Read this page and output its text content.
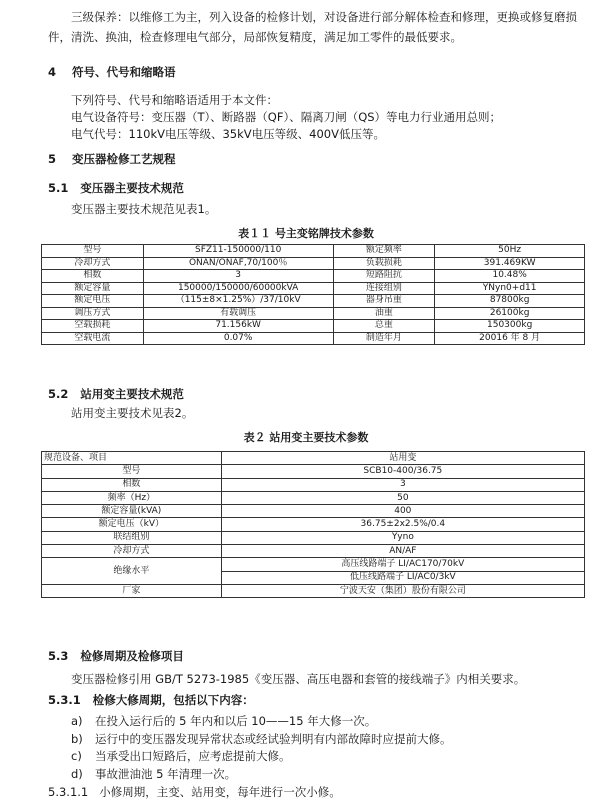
三级保养：以维修工为主，列入设备的检修计划，对设备进行部分解体检查和修理，更换或修复磨损
件，清洗、换油，检查修理电气部分，局部恢复精度，满足加工零件的最低要求。
4 符号、代号和缩略语
下列符号、代号和缩略语适用于本文件：
电气设备符号：变压器（T）、断路器（QF）、隔离刀闸（QS）等电力行业通用总则；
电气代号：110kV电压等级、35kV电压等级、400V低压等。
5 变压器检修工艺规程
5.1 变压器主要技术规范
变压器主要技术规范见表1。
表１１ 号主变铭牌技术参数
型号	SFZ11-150000/110	额定频率	50Hz
冷却方式	ONAN/ONAF,70/100％	负载损耗	391.469KW
相数	3	短路阻抗	10.48%
额定容量	150000/150000/60000kVA	连接组别	YNyn0+d11
额定电压	（115±8×1.25%）/37/10kV	器身吊重	87800kg
调压方式	有载调压	油重	26100kg
空载损耗	71.156kW	总重	150300kg
空载电流	0.07%	制造年月	20016 年 8 月
5.2 站用变主要技术规范
站用变主要技术见表2。
表２ 站用变主要技术参数
规范设备、项目	站用变
型号	SCB10-400/36.75
相数	3
频率（Hz）	50
额定容量(kVA)	400
额定电压（kV）	36.75±2x2.5%/0.4
联结组别	Yyno
冷却方式	AN/AF
绝缘水平	高压线路端子 LI/AC170/70kV
	低压线路端子 LI/AC0/3kV
厂家	宁波天安（集团）股份有限公司
5.3 检修周期及检修项目
变压器检修引用 GB/T 5273-1985《变压器、高压电器和套管的接线端子》内相关要求。
5.3.1 检修大修周期，包括以下内容：
a) 在投入运行后的 5 年内和以后 10——15 年大修一次。
b) 运行中的变压器发现异常状态或经试验判明有内部故障时应提前大修。
c) 当承受出口短路后，应考虑提前大修。
d) 事故泄油池 5 年清理一次。
5.3.1.1 小修周期，主变、站用变，每年进行一次小修。
